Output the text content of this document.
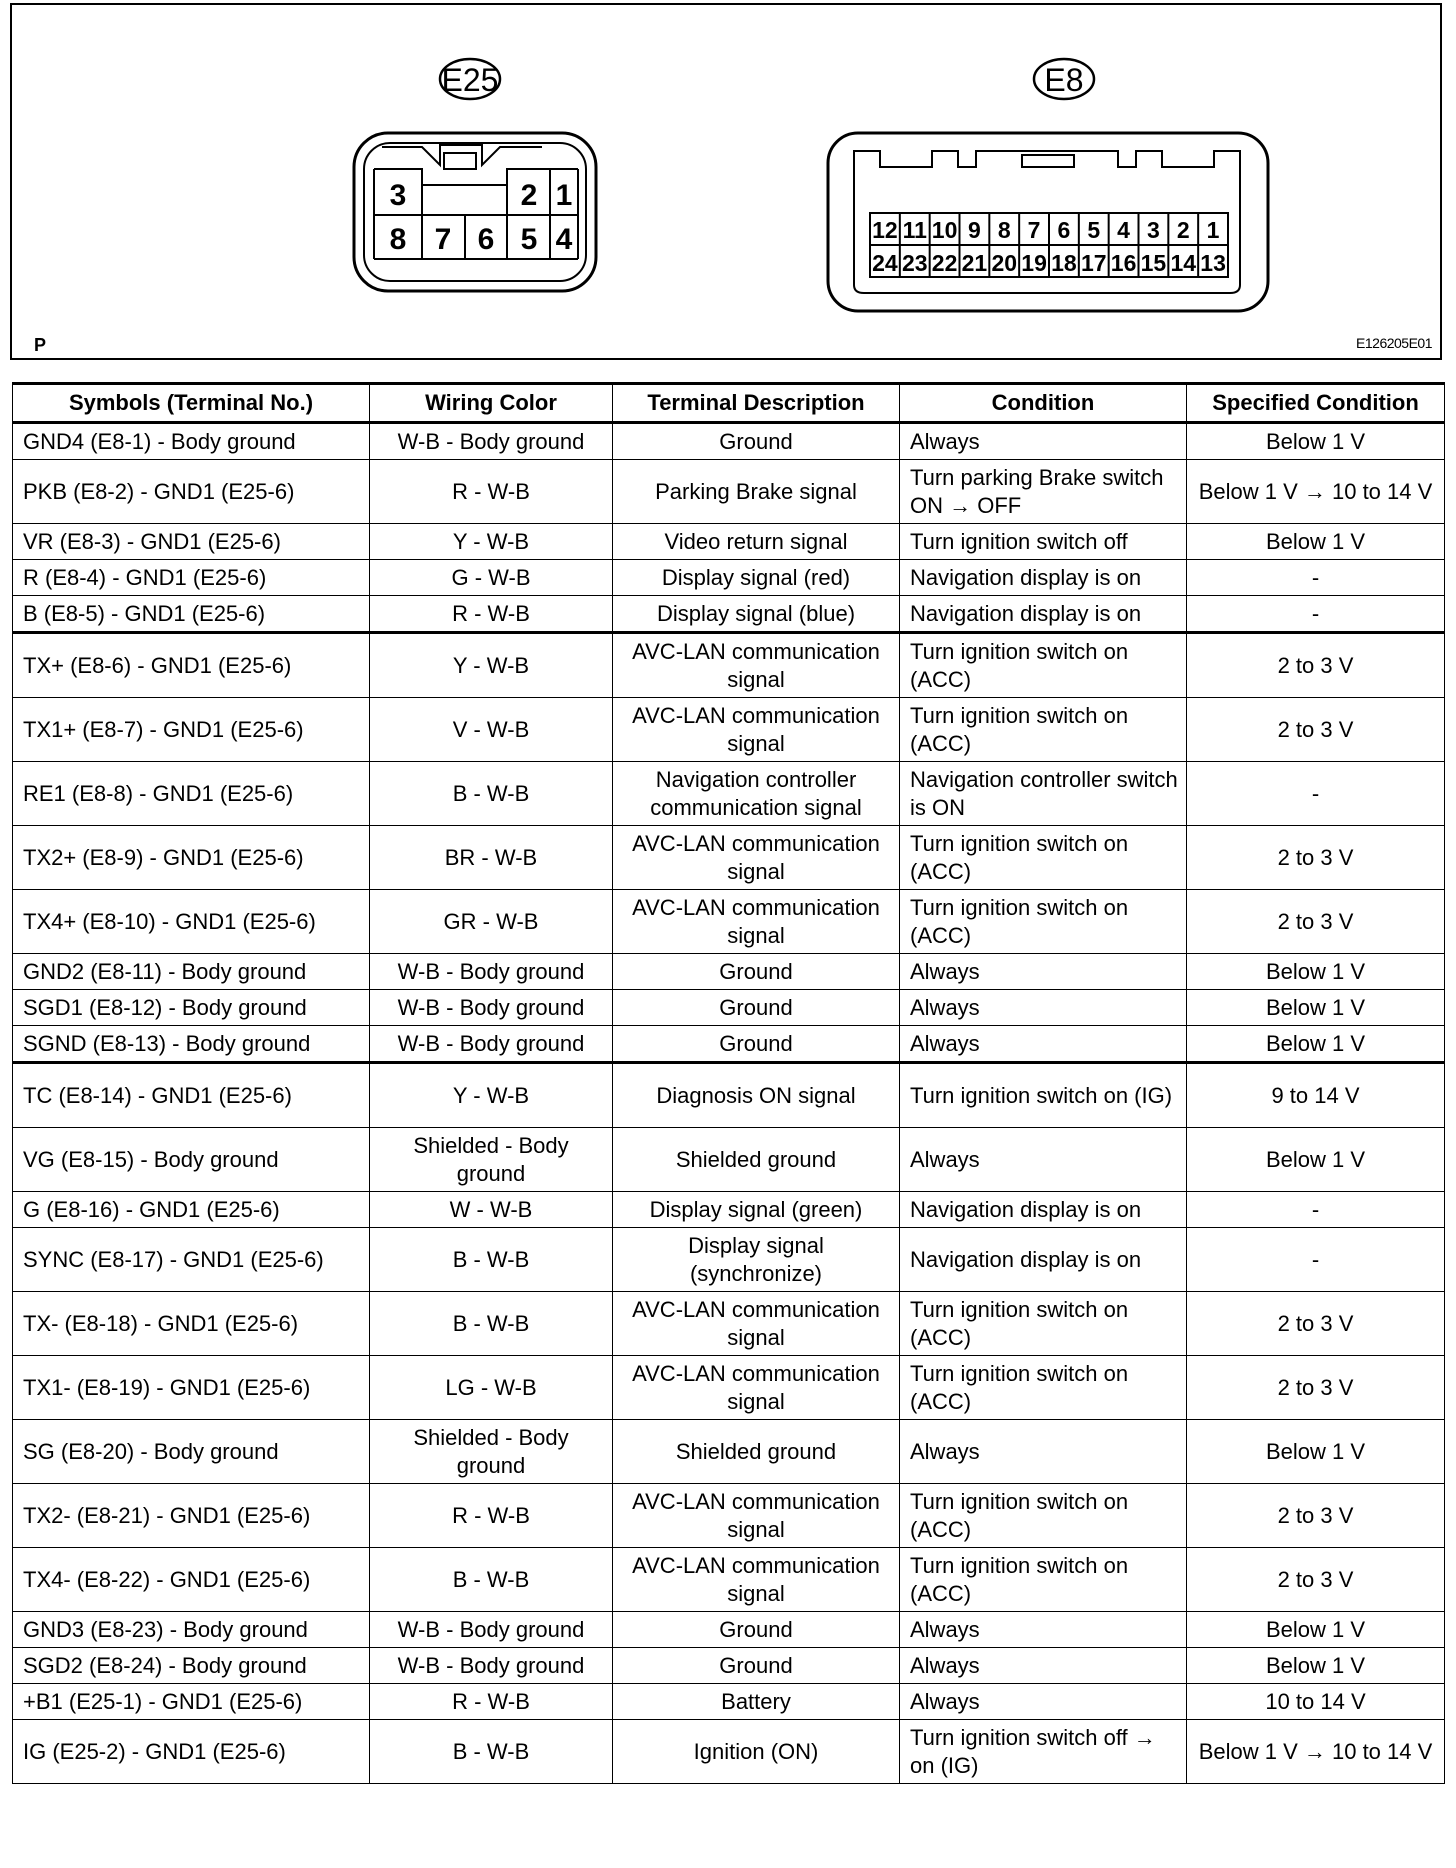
E25	E8
3	2 1
8 7 6 5 4	12
24
11
23
10
22
9
21
8
20
7
19
6
18
5
17
4
16
3
15
2
14
1
13
P	E126205E01
Symbols (Terminal No.)	Wiring Color	Terminal Description	Condition	Specified Condition
GND4 (E8-1) - Body ground	W-B - Body ground	Ground	Always	Below 1 V
PKB (E8-2) - GND1 (E25-6)	R - W-B	Parking Brake signal	Turn parking Brake switch ON → OFF	Below 1 V → 10 to 14 V
VR (E8-3) - GND1 (E25-6)	Y - W-B	Video return signal	Turn ignition switch off	Below 1 V
R (E8-4) - GND1 (E25-6)	G - W-B	Display signal (red)	Navigation display is on	-
B (E8-5) - GND1 (E25-6)	R - W-B	Display signal (blue)	Navigation display is on	-
TX+ (E8-6) - GND1 (E25-6)	Y - W-B	AVC-LAN communication signal	Turn ignition switch on (ACC)	2 to 3 V
TX1+ (E8-7) - GND1 (E25-6)	V - W-B	AVC-LAN communication signal	Turn ignition switch on (ACC)	2 to 3 V
RE1 (E8-8) - GND1 (E25-6)	B - W-B	Navigation controller communication signal	Navigation controller switch is ON	-
TX2+ (E8-9) - GND1 (E25-6)	BR - W-B	AVC-LAN communication signal	Turn ignition switch on (ACC)	2 to 3 V
TX4+ (E8-10) - GND1 (E25-6)	GR - W-B	AVC-LAN communication signal	Turn ignition switch on (ACC)	2 to 3 V
GND2 (E8-11) - Body ground	W-B - Body ground	Ground	Always	Below 1 V
SGD1 (E8-12) - Body ground	W-B - Body ground	Ground	Always	Below 1 V
SGND (E8-13) - Body ground	W-B - Body ground	Ground	Always	Below 1 V
TC (E8-14) - GND1 (E25-6)	Y - W-B	Diagnosis ON signal	Turn ignition switch on (IG)	9 to 14 V
VG (E8-15) - Body ground	Shielded - Body ground	Shielded ground	Always	Below 1 V
G (E8-16) - GND1 (E25-6)	W - W-B	Display signal (green)	Navigation display is on	-
SYNC (E8-17) - GND1 (E25-6)	B - W-B	Display signal (synchronize)	Navigation display is on	-
TX- (E8-18) - GND1 (E25-6)	B - W-B	AVC-LAN communication signal	Turn ignition switch on (ACC)	2 to 3 V
TX1- (E8-19) - GND1 (E25-6)	LG - W-B	AVC-LAN communication signal	Turn ignition switch on (ACC)	2 to 3 V
SG (E8-20) - Body ground	Shielded - Body ground	Shielded ground	Always	Below 1 V
TX2- (E8-21) - GND1 (E25-6)	R - W-B	AVC-LAN communication signal	Turn ignition switch on (ACC)	2 to 3 V
TX4- (E8-22) - GND1 (E25-6)	B - W-B	AVC-LAN communication signal	Turn ignition switch on (ACC)	2 to 3 V
GND3 (E8-23) - Body ground	W-B - Body ground	Ground	Always	Below 1 V
SGD2 (E8-24) - Body ground	W-B - Body ground	Ground	Always	Below 1 V
+B1 (E25-1) - GND1 (E25-6)	R - W-B	Battery	Always	10 to 14 V
IG (E25-2) - GND1 (E25-6)	B - W-B	Ignition (ON)	Turn ignition switch off → on (IG)	Below 1 V → 10 to 14 V
